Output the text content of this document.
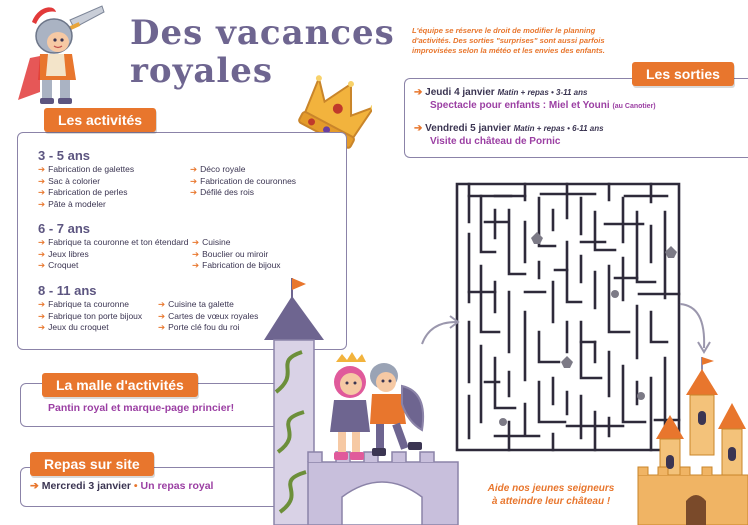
Des vacances
royales
Les activités
3 - 5 ans
➔ Fabrication de galettes
➔ Sac à colorier
➔ Fabrication de perles
➔ Pâte à modeler
➔ Déco royale
➔ Fabrication de couronnes
➔ Défilé des rois
6 - 7 ans
➔ Fabrique ta couronne et ton étendard
➔ Jeux libres
➔ Croquet
➔ Cuisine
➔ Bouclier ou miroir
➔ Fabrication de bijoux
8 - 11 ans
➔ Fabrique ta couronne
➔ Fabrique ton porte bijoux
➔ Jeux du croquet
➔ Cuisine ta galette
➔ Cartes de vœux royales
➔ Porte clé fou du roi
La malle d'activités
Pantin royal et marque-page princier!
Repas sur site
➔ Mercredi 3 janvier • Un repas royal
L'équipe se réserve le droit de modifier le planning d'activités. Des sorties "surprises" sont aussi parfois improvisées selon la météo et les envies des enfants.
Les sorties
➔ Jeudi 4 janvier Matin + repas • 3-11 ans
Spectacle pour enfants : Miel et Youni (au Canotier)
➔ Vendredi 5 janvier Matin + repas • 6-11 ans
Visite du château de Pornic
Aide nos jeunes seigneurs
à atteindre leur château !
